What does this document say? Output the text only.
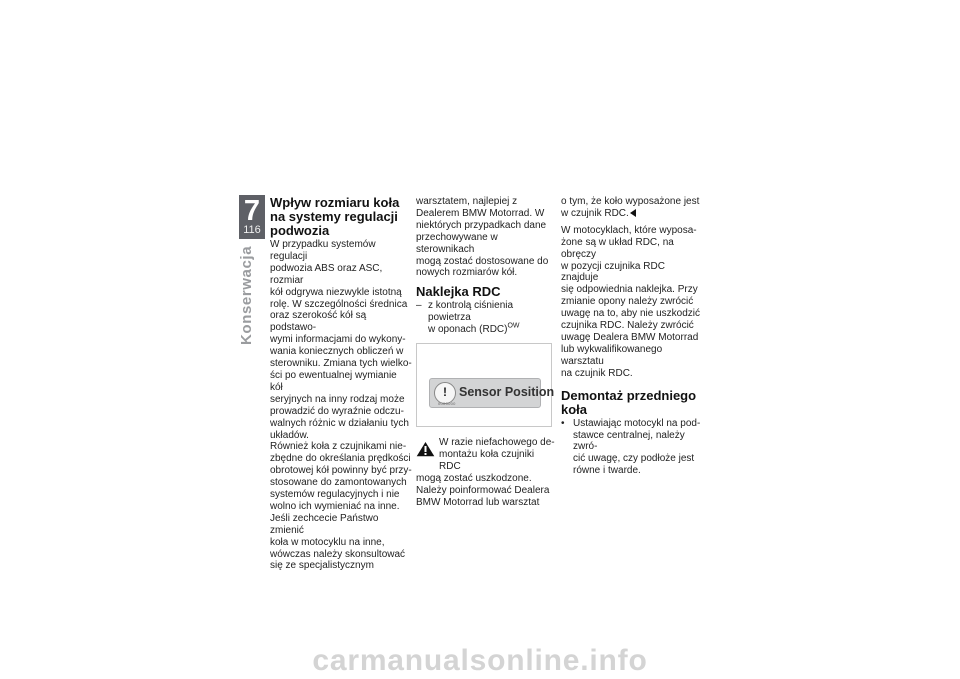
7
116
Konserwacja
Wpływ rozmiaru koła
na systemy regulacji
podwozia

W przypadku systemów regulacji
podwozia ABS oraz ASC, rozmiar
kół odgrywa niezwykle istotną
rolę. W szczególności średnica
oraz szerokość kół są podstawo-
wymi informacjami do wykony-
wania koniecznych obliczeń w
sterowniku. Zmiana tych wielko-
ści po ewentualnej wymianie kół
seryjnych na inny rodzaj może
prowadzić do wyraźnie odczu-
walnych różnic w działaniu tych
układów.

Również koła z czujnikami nie-
zbędne do określania prędkości
obrotowej kół powinny być przy-
stosowane do zamontowanych
systemów regulacyjnych i nie
wolno ich wymieniać na inne.

Jeśli zechcecie Państwo zmienić
koła w motocyklu na inne,
wówczas należy skonsultować
się ze specjalistycznym

warsztatem, najlepiej z
Dealerem BMW Motorrad. W
niektórych przypadkach dane
przechowywane w sterownikach
mogą zostać dostosowane do
nowych rozmiarów kół.

Naklejka RDC

– z kontrolą ciśnienia powietrza
w oponach (RDC)$^{OW}$

! Sensor Position
0000000

W razie niefachowego de-
montażu koła czujniki RDC

mogą zostać uszkodzone.
Należy poinformować Dealera
BMW Motorrad lub warsztat

o tym, że koło wyposażone jest
w czujnik RDC.

W motocyklach, które wyposa-
żone są w układ RDC, na obręczy
w pozycji czujnika RDC znajduje
się odpowiednia naklejka. Przy
zmianie opony należy zwrócić
uwagę na to, aby nie uszkodzić
czujnika RDC. Należy zwrócić
uwagę Dealera BMW Motorrad
lub wykwalifikowanego warsztatu
na czujnik RDC.

Demontaż przedniego
koła

• Ustawiając motocykl na pod-
stawce centralnej, należy zwró-
cić uwagę, czy podłoże jest
równe i twarde.

carmanualsonline.info
